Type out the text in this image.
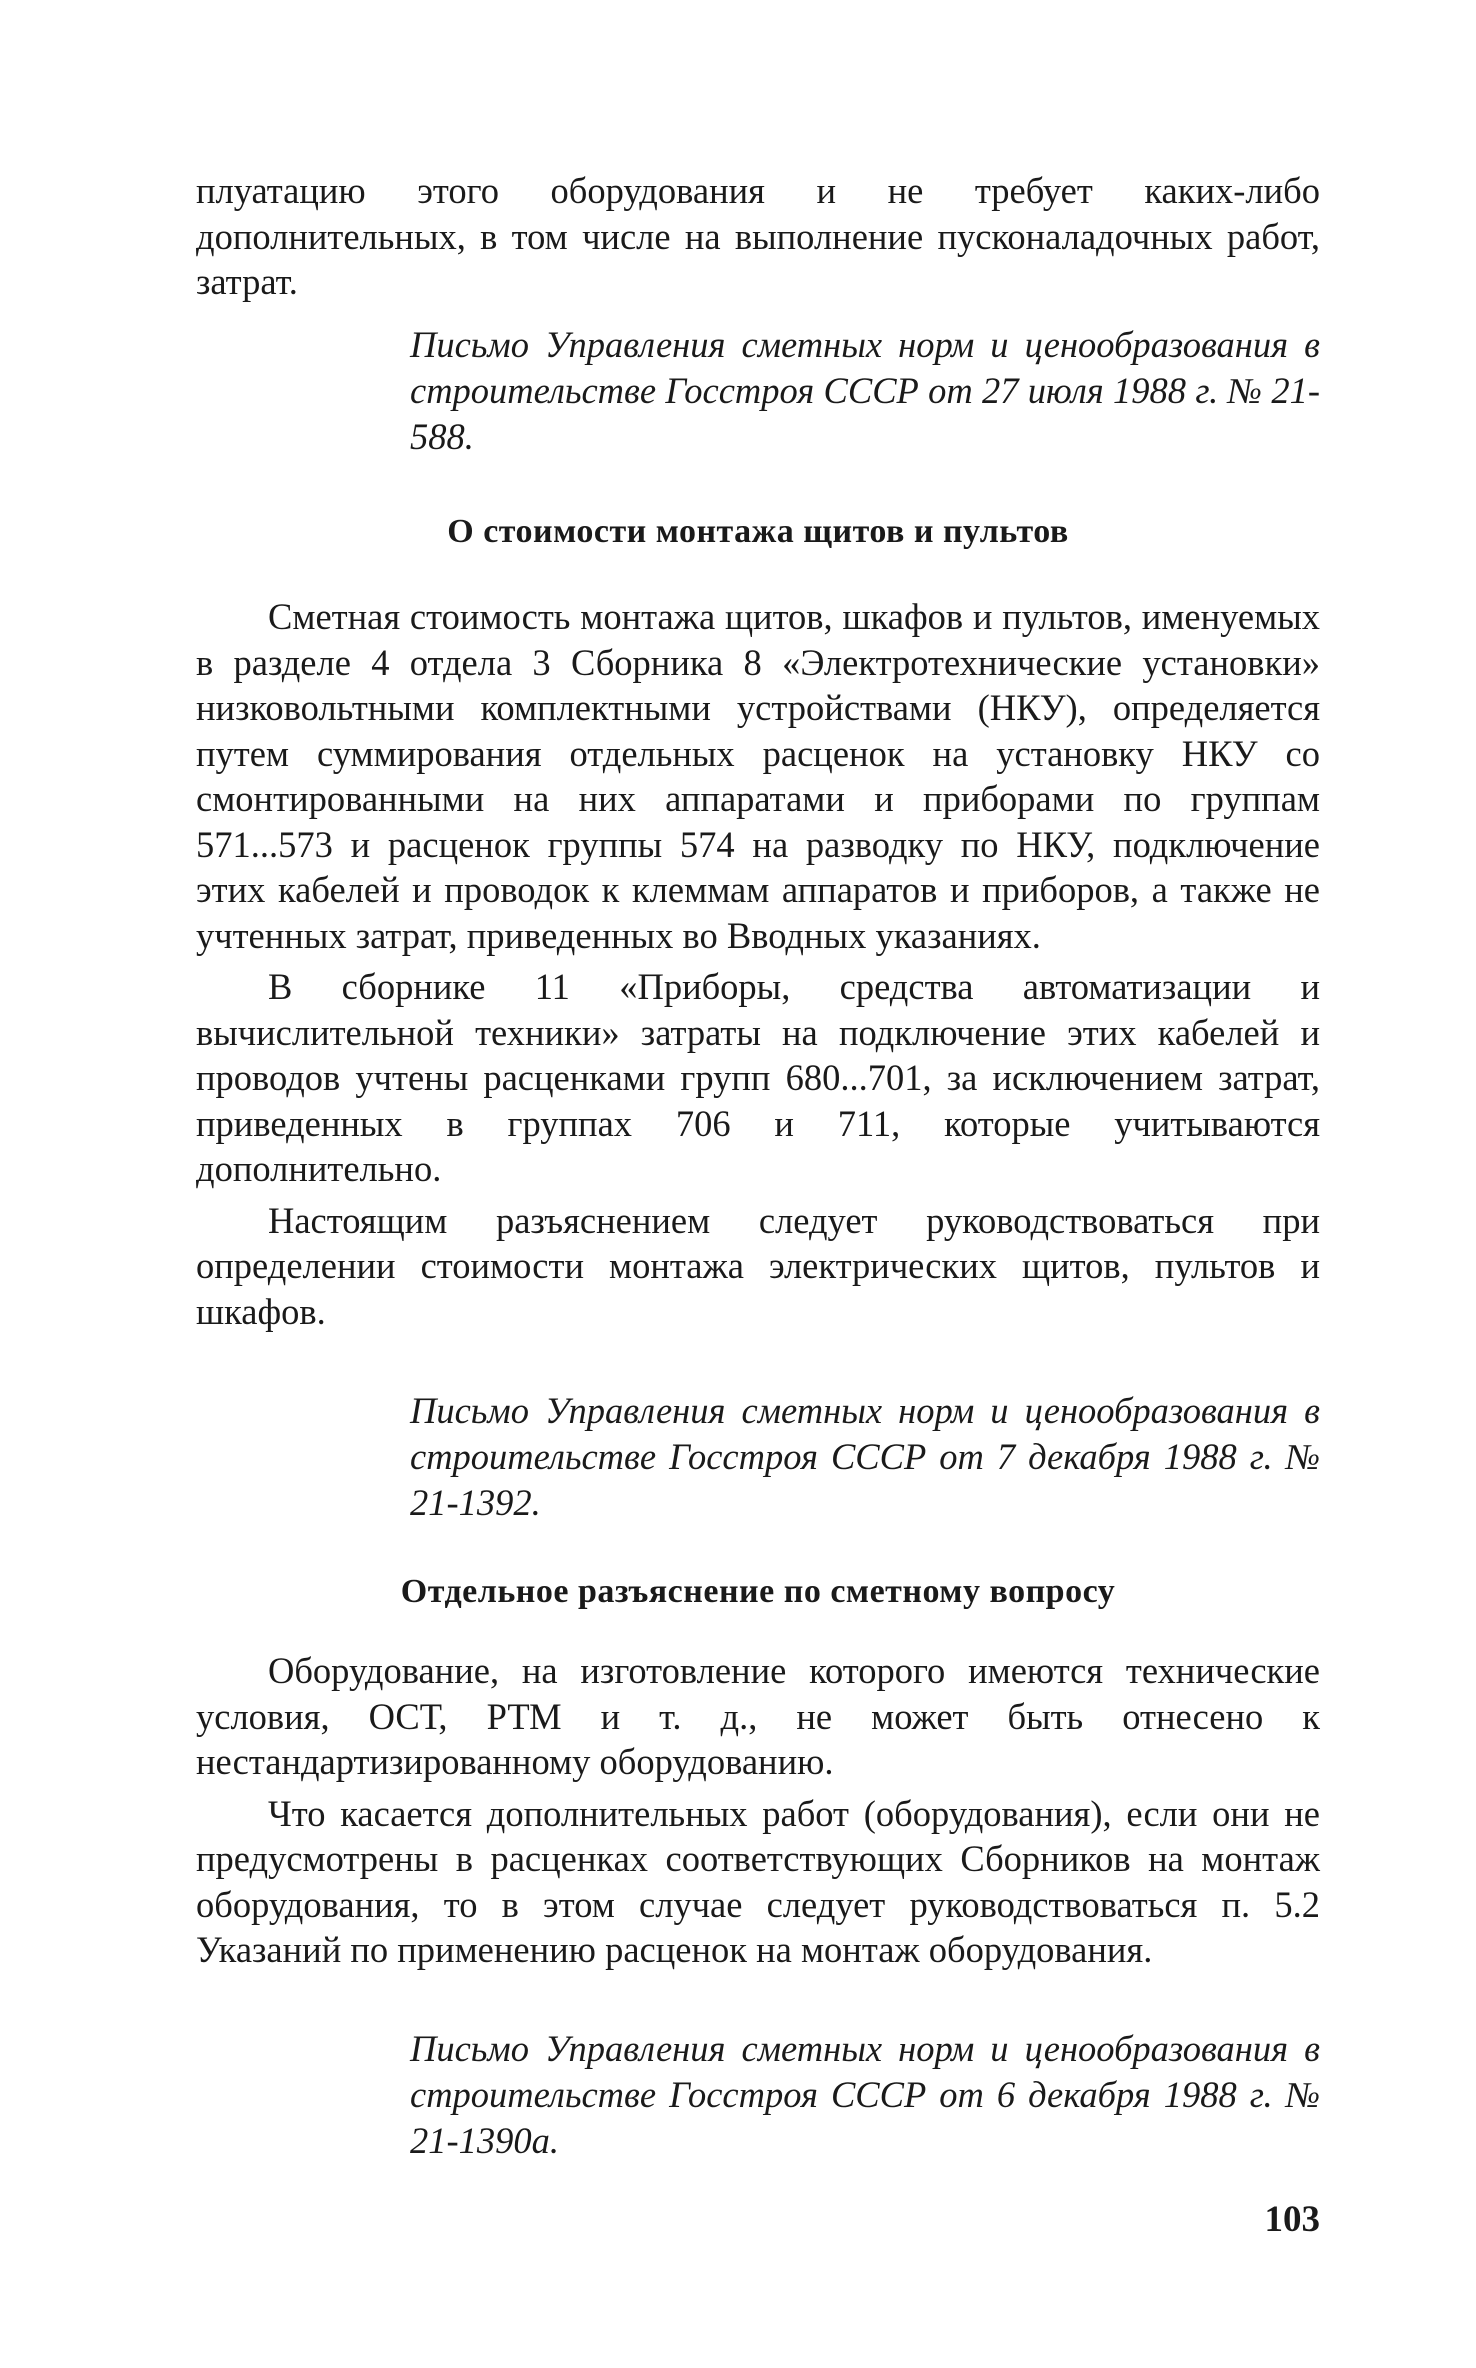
плуатацию этого оборудования и не требует каких-либо дополнительных, в том числе на выполнение пусконаладочных работ, затрат.

Письмо Управления сметных норм и ценообразования в строительстве Госстроя СССР от 27 июля 1988 г. № 21-588.

О стоимости монтажа щитов и пультов

Сметная стоимость монтажа щитов, шкафов и пультов, именуемых в разделе 4 отдела 3 Сборника 8 «Электротехнические установки» низковольтными комплектными устройствами (НКУ), определяется путем суммирования отдельных расценок на установку НКУ со смонтированными на них аппаратами и приборами по группам 571...573 и расценок группы 574 на разводку по НКУ, подключение этих кабелей и проводок к клеммам аппаратов и приборов, а также не учтенных затрат, приведенных во Вводных указаниях.

В сборнике 11 «Приборы, средства автоматизации и вычислительной техники» затраты на подключение этих кабелей и проводов учтены расценками групп 680...701, за исключением затрат, приведенных в группах 706 и 711, которые учитываются дополнительно.

Настоящим разъяснением следует руководствоваться при определении стоимости монтажа электрических щитов, пультов и шкафов.

Письмо Управления сметных норм и ценообразования в строительстве Госстроя СССР от 7 декабря 1988 г. № 21-1392.

Отдельное разъяснение по сметному вопросу

Оборудование, на изготовление которого имеются технические условия, ОСТ, РТМ и т. д., не может быть отнесено к нестандартизированному оборудованию.

Что касается дополнительных работ (оборудования), если они не предусмотрены в расценках соответствующих Сборников на монтаж оборудования, то в этом случае следует руководствоваться п. 5.2 Указаний по применению расценок на монтаж оборудования.

Письмо Управления сметных норм и ценообразования в строительстве Госстроя СССР от 6 декабря 1988 г. № 21-1390а.

103
